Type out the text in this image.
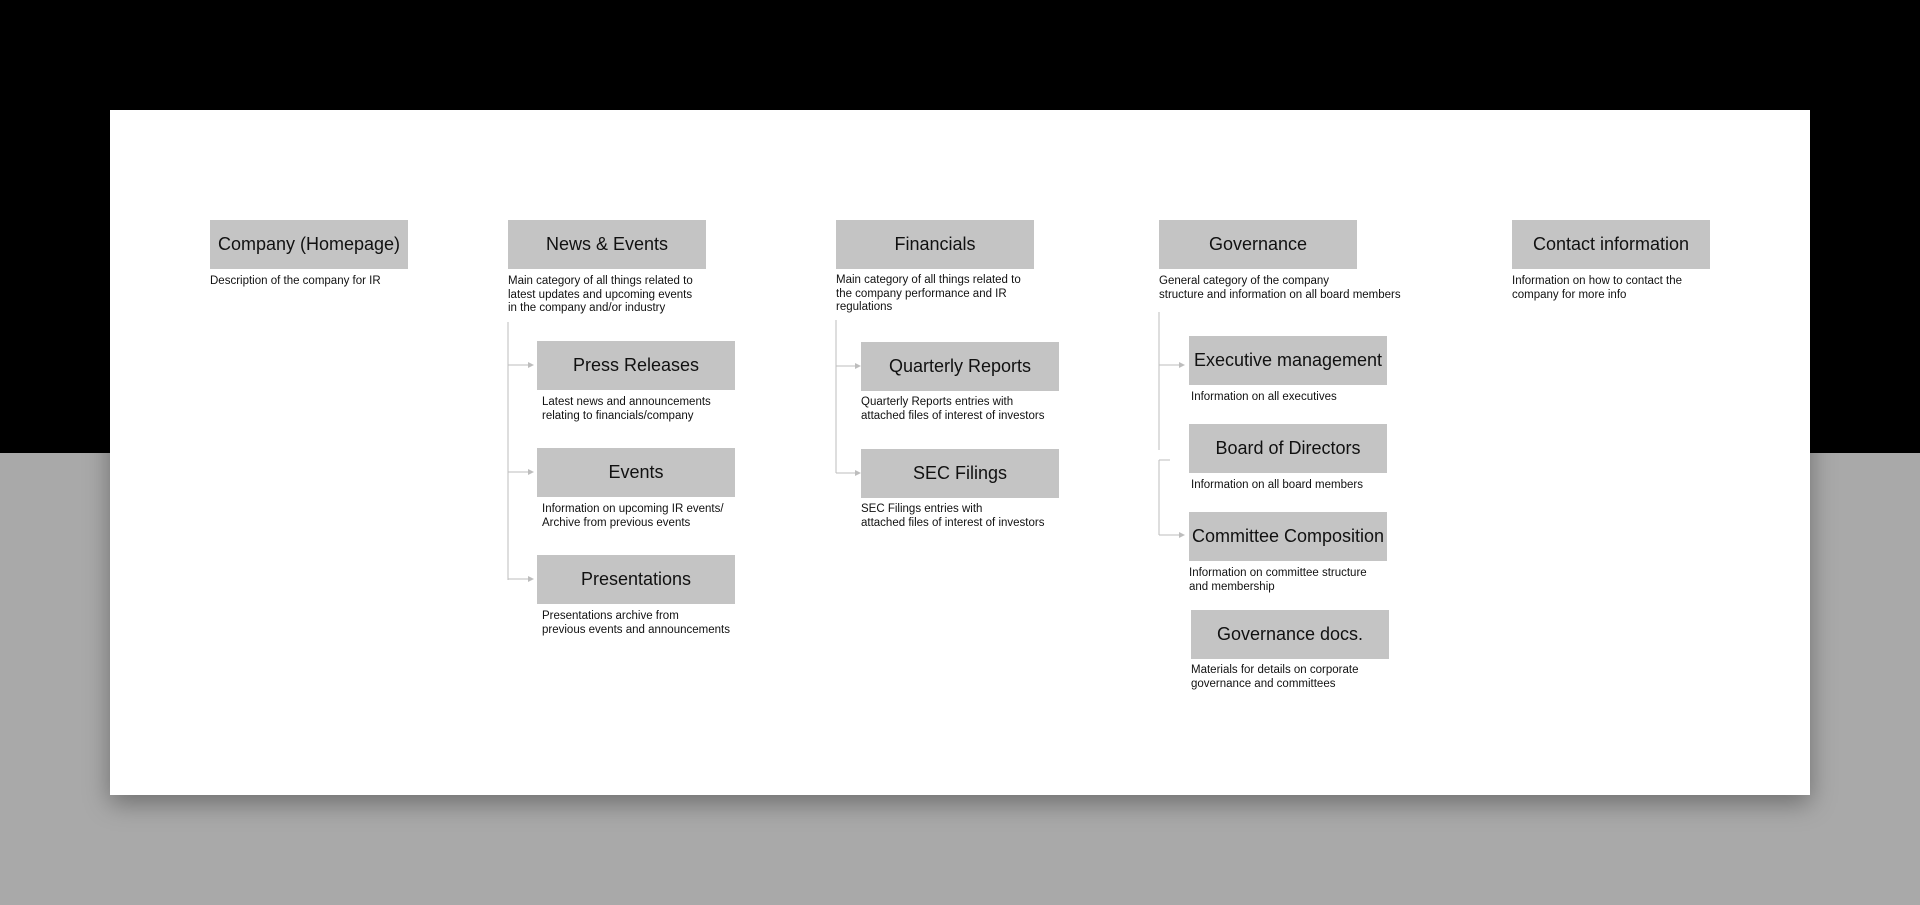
Company (Homepage)
Description of the company for IR
News & Events
Main category of all things related to
latest updates and upcoming events
in the company and/or industry
Press Releases
Latest news and announcements
relating to financials/company
Events
Information on upcoming IR events/
Archive from previous events
Presentations
Presentations archive from
previous events and announcements
Financials
Main category of all things related to
the company performance and IR
regulations
Quarterly Reports
Quarterly Reports entries with
attached files of interest of investors
SEC Filings
SEC Filings entries with
attached files of interest of investors
Governance
General category of the company
structure and information on all board members
Executive management
Information on all executives
Board of Directors
Information on all board members
Committee Composition
Information on committee structure
and membership
Governance docs.
Materials for details on corporate
governance and committees
Contact information
Information on how to contact the
company for more info
